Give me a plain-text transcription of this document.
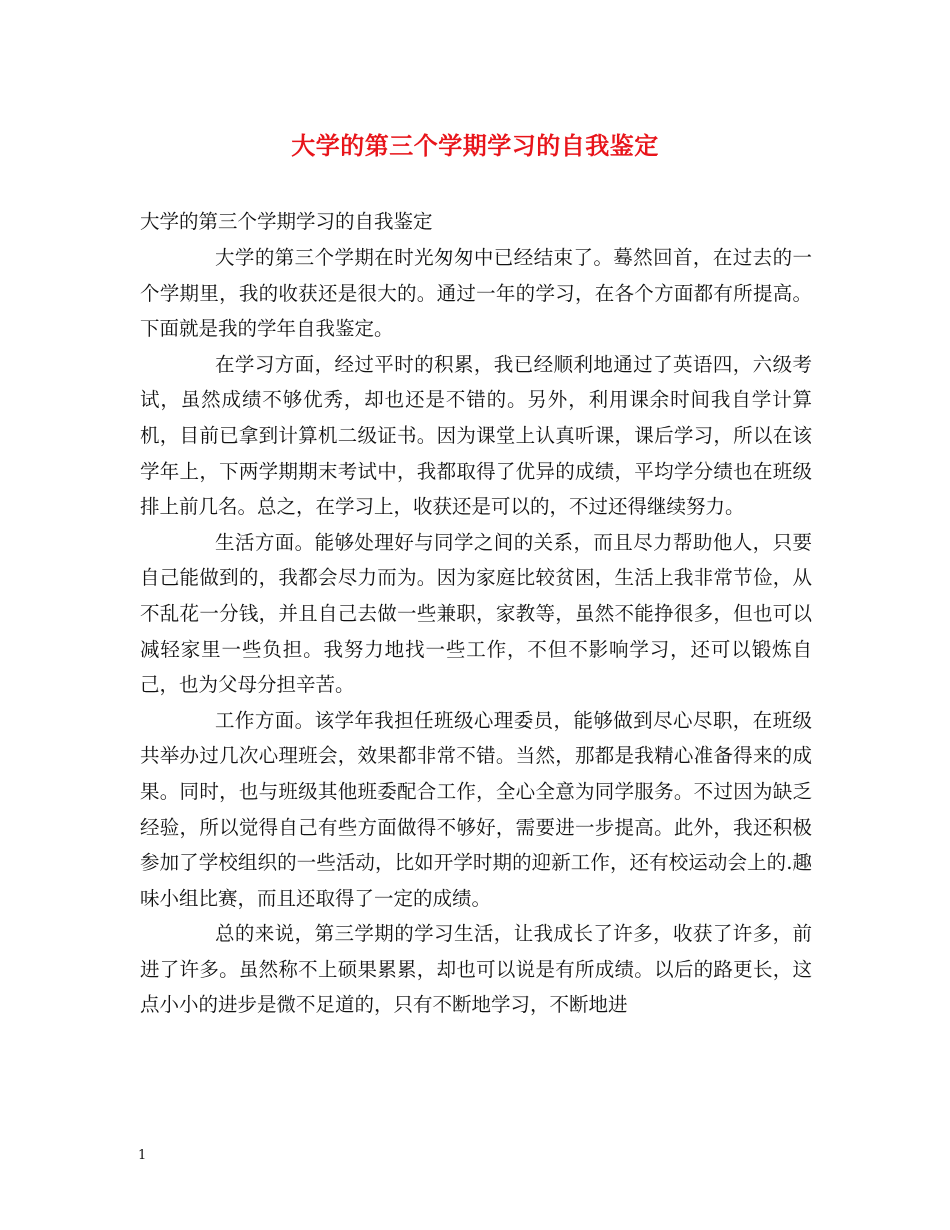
大学的第三个学期学习的自我鉴定
大学的第三个学期学习的自我鉴定

大学的第三个学期在时光匆匆中已经结束了。蓦然回首，在过去的一个学期里，我的收获还是很大的。通过一年的学习，在各个方面都有所提高。下面就是我的学年自我鉴定。

在学习方面，经过平时的积累，我已经顺利地通过了英语四，六级考试，虽然成绩不够优秀，却也还是不错的。另外，利用课余时间我自学计算机，目前已拿到计算机二级证书。因为课堂上认真听课，课后学习，所以在该学年上，下两学期期末考试中，我都取得了优异的成绩，平均学分绩也在班级排上前几名。总之，在学习上，收获还是可以的，不过还得继续努力。

生活方面。能够处理好与同学之间的关系，而且尽力帮助他人，只要自己能做到的，我都会尽力而为。因为家庭比较贫困，生活上我非常节俭，从不乱花一分钱，并且自己去做一些兼职，家教等，虽然不能挣很多，但也可以减轻家里一些负担。我努力地找一些工作，不但不影响学习，还可以锻炼自己，也为父母分担辛苦。

工作方面。该学年我担任班级心理委员，能够做到尽心尽职，在班级共举办过几次心理班会，效果都非常不错。当然，那都是我精心准备得来的成果。同时，也与班级其他班委配合工作，全心全意为同学服务。不过因为缺乏经验，所以觉得自己有些方面做得不够好，需要进一步提高。此外，我还积极参加了学校组织的一些活动，比如开学时期的迎新工作，还有校运动会上的.趣味小组比赛，而且还取得了一定的成绩。

总的来说，第三学期的学习生活，让我成长了许多，收获了许多，前进了许多。虽然称不上硕果累累，却也可以说是有所成绩。以后的路更长，这点小小的进步是微不足道的，只有不断地学习，不断地进

1
